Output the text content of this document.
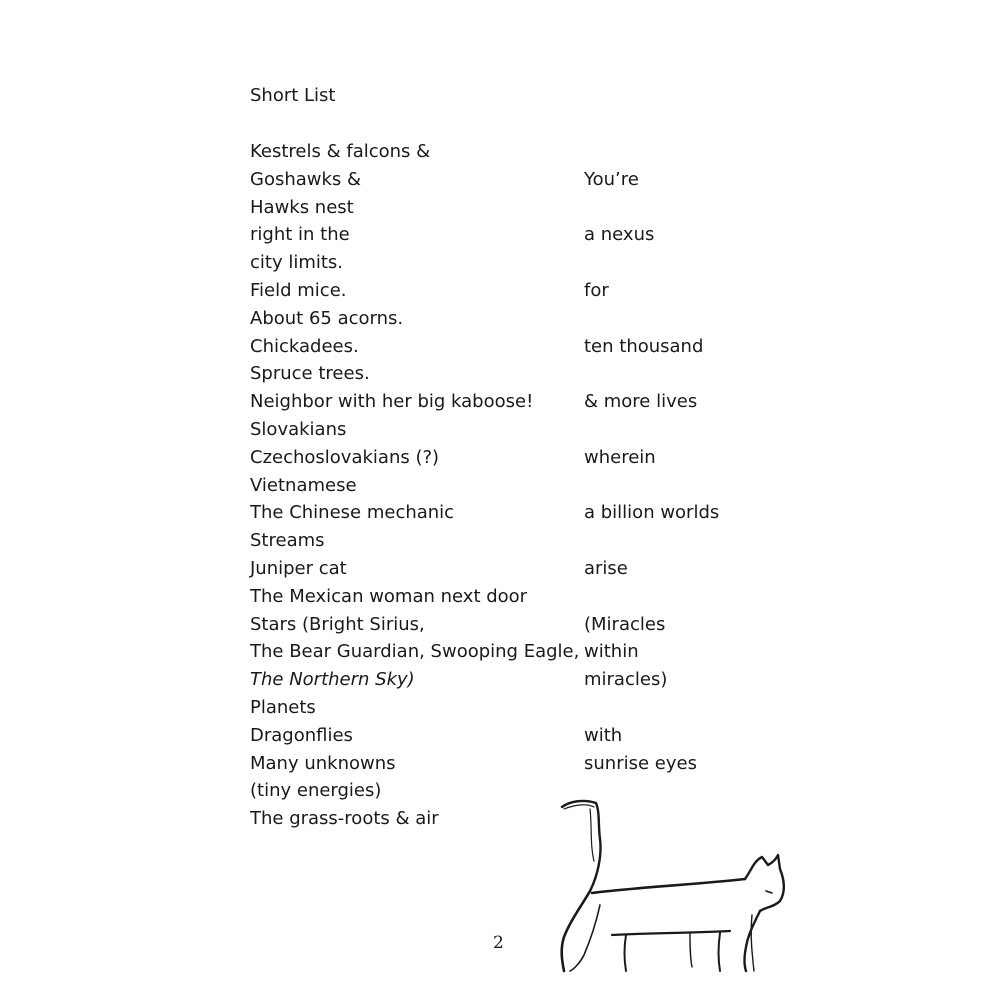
Short List
Kestrels & falcons &
Goshawks &
Hawks nest
right in the
city limits.
Field mice.
About 65 acorns.
Chickadees.
Spruce trees.
Neighbor with her big kaboose!
Slovakians
Czechoslovakians (?)
Vietnamese
The Chinese mechanic
Streams
Juniper cat
The Mexican woman next door
Stars (Bright Sirius,
The Bear Guardian, Swooping Eagle,
The Northern Sky)
Planets
Dragonflies
Many unknowns
(tiny energies)
The grass-roots & air
You’re
a nexus
for
ten thousand
& more lives
wherein
a billion worlds
arise
(Miracles
within
miracles)
with
sunrise eyes
2
